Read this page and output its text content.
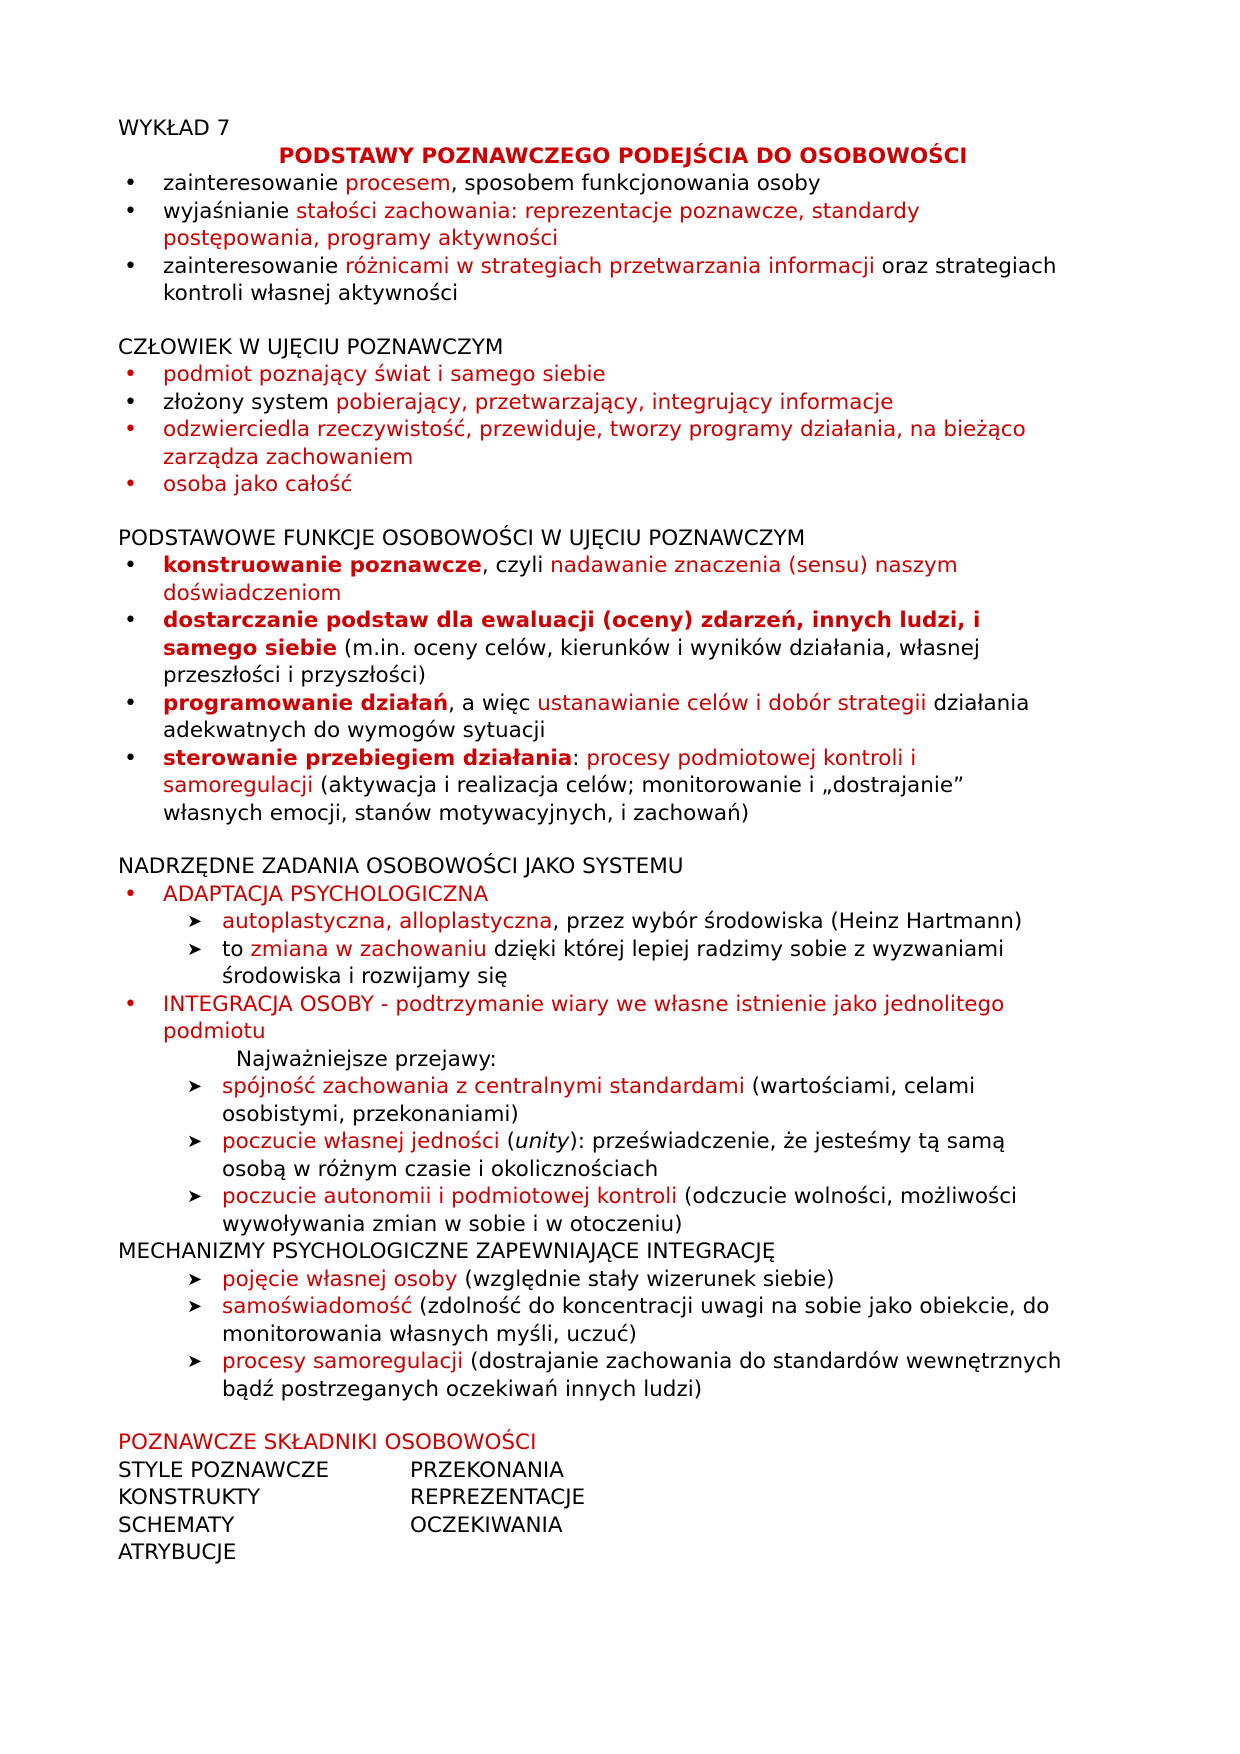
WYKŁAD 7
PODSTAWY POZNAWCZEGO PODEJŚCIA DO OSOBOWOŚCI
• zainteresowanie procesem, sposobem funkcjonowania osoby
• wyjaśnianie stałości zachowania: reprezentacje poznawcze, standardy
postępowania, programy aktywności
• zainteresowanie różnicami w strategiach przetwarzania informacji oraz strategiach
kontroli własnej aktywności
CZŁOWIEK W UJĘCIU POZNAWCZYM
• podmiot poznający świat i samego siebie
• złożony system pobierający, przetwarzający, integrujący informacje
• odzwierciedla rzeczywistość, przewiduje, tworzy programy działania, na bieżąco
zarządza zachowaniem
• osoba jako całość
PODSTAWOWE FUNKCJE OSOBOWOŚCI W UJĘCIU POZNAWCZYM
• konstruowanie poznawcze, czyli nadawanie znaczenia (sensu) naszym
doświadczeniom
• dostarczanie podstaw dla ewaluacji (oceny) zdarzeń, innych ludzi, i
samego siebie (m.in. oceny celów, kierunków i wyników działania, własnej
przeszłości i przyszłości)
• programowanie działań, a więc ustanawianie celów i dobór strategii działania
adekwatnych do wymogów sytuacji
• sterowanie przebiegiem działania: procesy podmiotowej kontroli i
samoregulacji (aktywacja i realizacja celów; monitorowanie i „dostrajanie”
własnych emocji, stanów motywacyjnych, i zachowań)
NADRZĘDNE ZADANIA OSOBOWOŚCI JAKO SYSTEMU
• ADAPTACJA PSYCHOLOGICZNA
➤ autoplastyczna, alloplastyczna, przez wybór środowiska (Heinz Hartmann)
➤ to zmiana w zachowaniu dzięki której lepiej radzimy sobie z wyzwaniami
środowiska i rozwijamy się
• INTEGRACJA OSOBY - podtrzymanie wiary we własne istnienie jako jednolitego
podmiotu
Najważniejsze przejawy:
➤ spójność zachowania z centralnymi standardami (wartościami, celami
osobistymi, przekonaniami)
➤ poczucie własnej jedności (unity): przeświadczenie, że jesteśmy tą samą
osobą w różnym czasie i okolicznościach
➤ poczucie autonomii i podmiotowej kontroli (odczucie wolności, możliwości
wywoływania zmian w sobie i w otoczeniu)
MECHANIZMY PSYCHOLOGICZNE ZAPEWNIAJĄCE INTEGRACJĘ
➤ pojęcie własnej osoby (względnie stały wizerunek siebie)
➤ samoświadomość (zdolność do koncentracji uwagi na sobie jako obiekcie, do
monitorowania własnych myśli, uczuć)
➤ procesy samoregulacji (dostrajanie zachowania do standardów wewnętrznych
bądź postrzeganych oczekiwań innych ludzi)
POZNAWCZE SKŁADNIKI OSOBOWOŚCI
STYLE POZNAWCZE	PRZEKONANIA
KONSTRUKTY	REPREZENTACJE
SCHEMATY	OCZEKIWANIA
ATRYBUCJE
